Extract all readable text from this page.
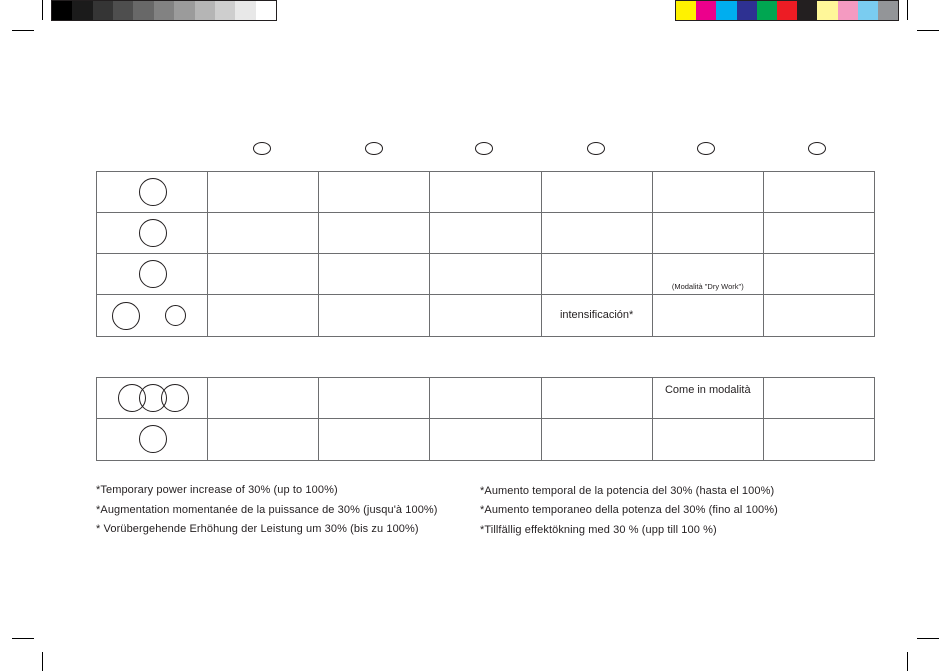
					(Modalità "Dry Work")	

				intensificación*		

					Come in modalità	

*Temporary power increase of 30% (up to 100%)
*Augmentation momentanée de la puissance de 30% (jusqu'à 100%)
* Vorübergehende Erhöhung der Leistung um 30% (bis zu 100%)
*Aumento temporal de la potencia del 30% (hasta el 100%)
*Aumento temporaneo della potenza del 30% (fino al 100%)
*Tillfällig effektökning med 30 % (upp till 100 %)
